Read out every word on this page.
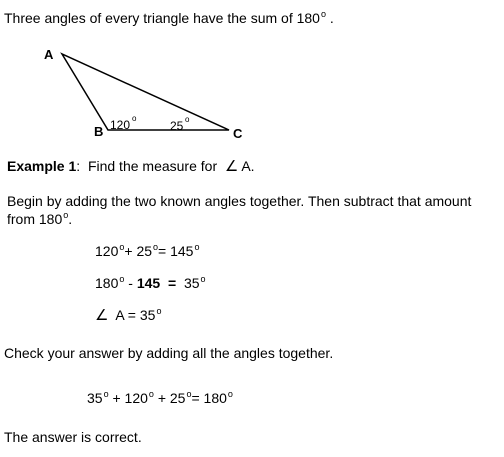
Three angles of every triangle have the sum of 180$^o$ .
A
B	C
120 o
25 o
Example 1: Find the measure for ∠ A.
Begin by adding the two known angles together. Then subtract that amount
from 180$^o$.
$120^o+ 25^o= 145^o$
180$^o$ - 145  =  35$^o$
∠ $A = 35^o$
Check your answer by adding all the angles together.
$35^o + 120^o + 25^o= 180^o$
The answer is correct.
